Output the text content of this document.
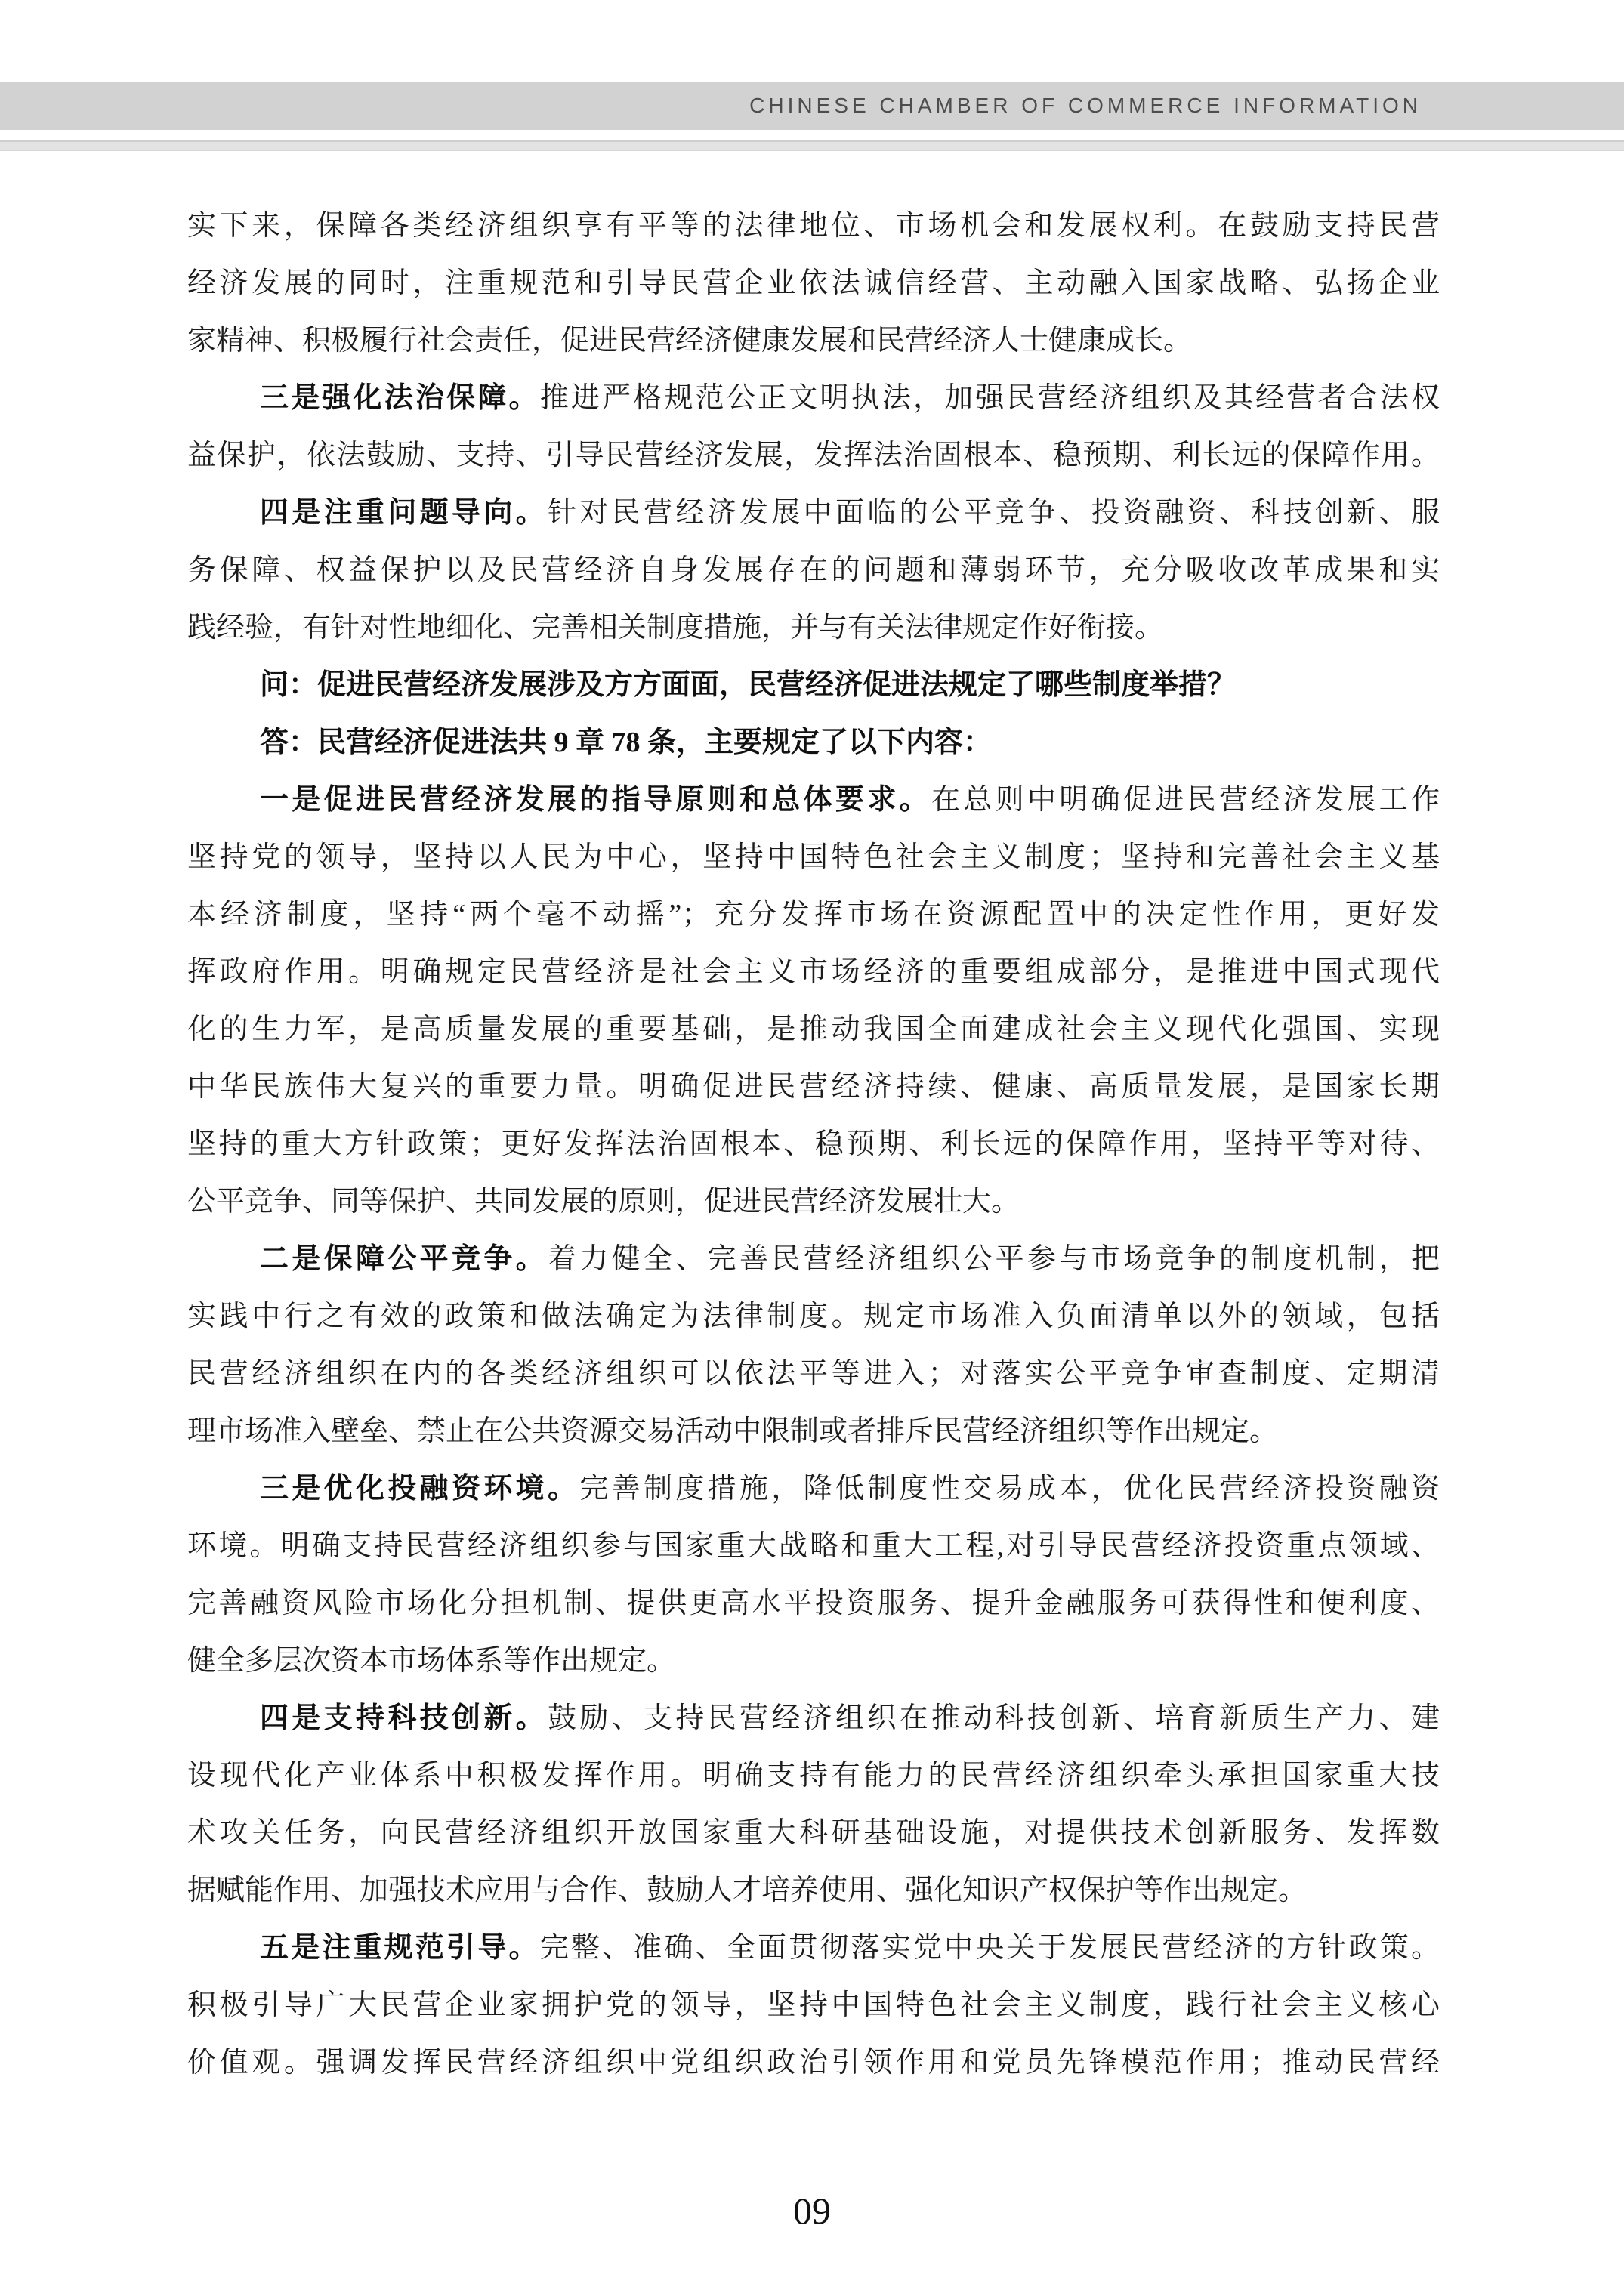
CHINESE CHAMBER OF COMMERCE INFORMATION
实下来，保障各类经济组织享有平等的法律地位、市场机会和发展权利。在鼓励支持民营
经济发展的同时，注重规范和引导民营企业依法诚信经营、主动融入国家战略、弘扬企业
家精神、积极履行社会责任，促进民营经济健康发展和民营经济人士健康成长。
三是强化法治保障。推进严格规范公正文明执法，加强民营经济组织及其经营者合法权
益保护，依法鼓励、支持、引导民营经济发展，发挥法治固根本、稳预期、利长远的保障作用。
四是注重问题导向。针对民营经济发展中面临的公平竞争、投资融资、科技创新、服
务保障、权益保护以及民营经济自身发展存在的问题和薄弱环节，充分吸收改革成果和实
践经验，有针对性地细化、完善相关制度措施，并与有关法律规定作好衔接。
问：促进民营经济发展涉及方方面面，民营经济促进法规定了哪些制度举措？
答：民营经济促进法共 9 章 78 条，主要规定了以下内容：
一是促进民营经济发展的指导原则和总体要求。在总则中明确促进民营经济发展工作
坚持党的领导，坚持以人民为中心，坚持中国特色社会主义制度；坚持和完善社会主义基
本经济制度，坚持“两个毫不动摇”；充分发挥市场在资源配置中的决定性作用，更好发
挥政府作用。明确规定民营经济是社会主义市场经济的重要组成部分，是推进中国式现代
化的生力军，是高质量发展的重要基础，是推动我国全面建成社会主义现代化强国、实现
中华民族伟大复兴的重要力量。明确促进民营经济持续、健康、高质量发展，是国家长期
坚持的重大方针政策；更好发挥法治固根本、稳预期、利长远的保障作用，坚持平等对待、
公平竞争、同等保护、共同发展的原则，促进民营经济发展壮大。
二是保障公平竞争。着力健全、完善民营经济组织公平参与市场竞争的制度机制，把
实践中行之有效的政策和做法确定为法律制度。规定市场准入负面清单以外的领域，包括
民营经济组织在内的各类经济组织可以依法平等进入；对落实公平竞争审查制度、定期清
理市场准入壁垒、禁止在公共资源交易活动中限制或者排斥民营经济组织等作出规定。
三是优化投融资环境。完善制度措施，降低制度性交易成本，优化民营经济投资融资
环境。明确支持民营经济组织参与国家重大战略和重大工程,对引导民营经济投资重点领域、
完善融资风险市场化分担机制、提供更高水平投资服务、提升金融服务可获得性和便利度、
健全多层次资本市场体系等作出规定。
四是支持科技创新。鼓励、支持民营经济组织在推动科技创新、培育新质生产力、建
设现代化产业体系中积极发挥作用。明确支持有能力的民营经济组织牵头承担国家重大技
术攻关任务，向民营经济组织开放国家重大科研基础设施，对提供技术创新服务、发挥数
据赋能作用、加强技术应用与合作、鼓励人才培养使用、强化知识产权保护等作出规定。
五是注重规范引导。完整、准确、全面贯彻落实党中央关于发展民营经济的方针政策。
积极引导广大民营企业家拥护党的领导，坚持中国特色社会主义制度，践行社会主义核心
价值观。强调发挥民营经济组织中党组织政治引领作用和党员先锋模范作用；推动民营经
09
